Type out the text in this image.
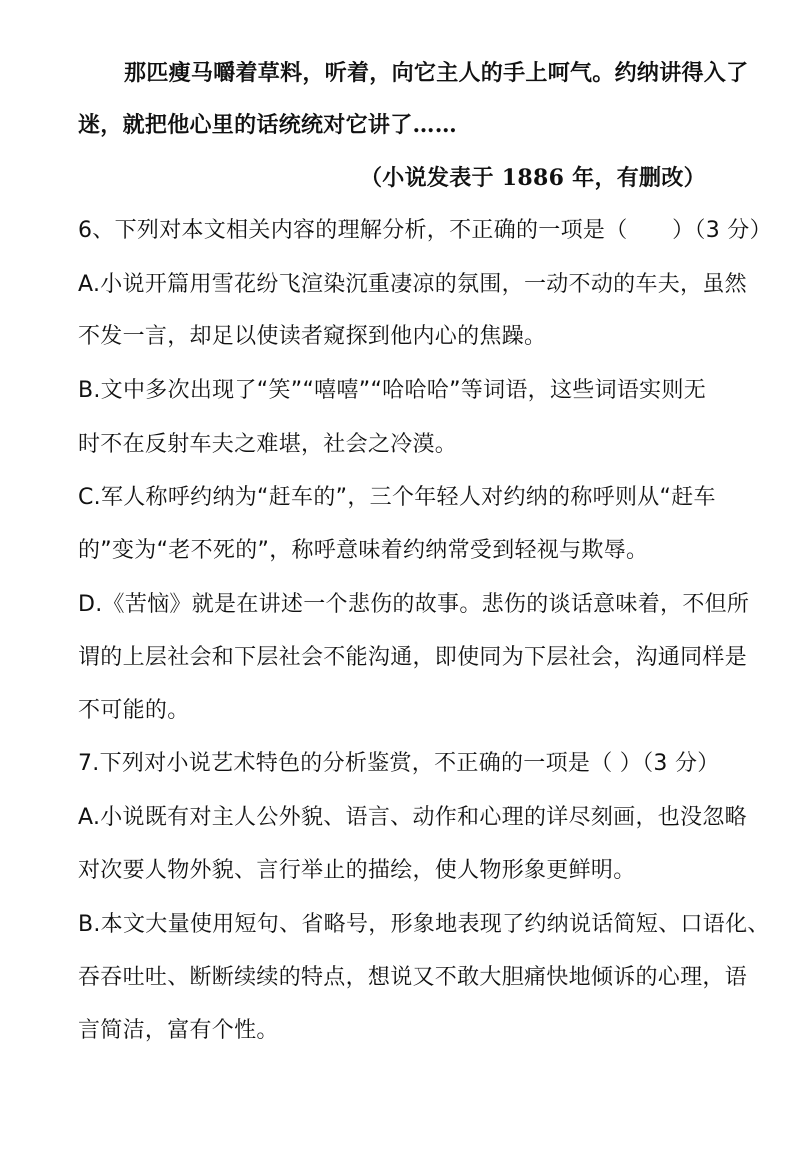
那匹瘦马嚼着草料，听着，向它主人的手上呵气。约纳讲得入了
迷，就把他心里的话统统对它讲了……
（小说发表于 1886 年，有删改）
6、下列对本文相关内容的理解分析，不正确的一项是（　　）（3 分）
A.小说开篇用雪花纷飞渲染沉重凄凉的氛围，一动不动的车夫，虽然
不发一言，却足以使读者窥探到他内心的焦躁。
B.文中多次出现了“笑”“嘻嘻”“哈哈哈”等词语，这些词语实则无
时不在反射车夫之难堪，社会之冷漠。
C.军人称呼约纳为“赶车的”，三个年轻人对约纳的称呼则从“赶车
的”变为“老不死的”，称呼意味着约纳常受到轻视与欺辱。
D.《苦恼》就是在讲述一个悲伤的故事。悲伤的谈话意味着，不但所
谓的上层社会和下层社会不能沟通，即使同为下层社会，沟通同样是
不可能的。
7.下列对小说艺术特色的分析鉴赏，不正确的一项是（ ）（3 分）
A.小说既有对主人公外貌、语言、动作和心理的详尽刻画，也没忽略
对次要人物外貌、言行举止的描绘，使人物形象更鲜明。
B.本文大量使用短句、省略号，形象地表现了约纳说话简短、口语化、
吞吞吐吐、断断续续的特点，想说又不敢大胆痛快地倾诉的心理，语
言简洁，富有个性。
